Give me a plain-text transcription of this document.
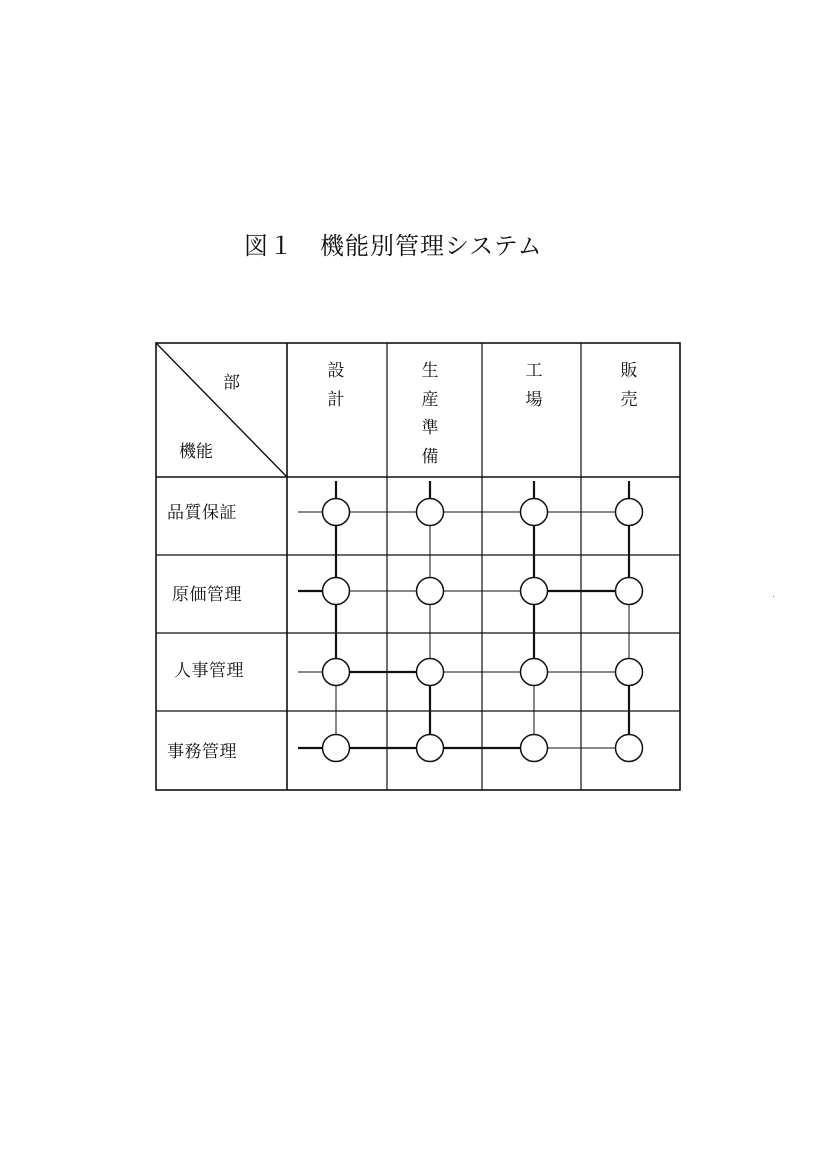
図１ 機能別管理システム
部
機能
設
計
生
産
準
備
工
場
販
売
品質保証
原価管理
人事管理
事務管理
